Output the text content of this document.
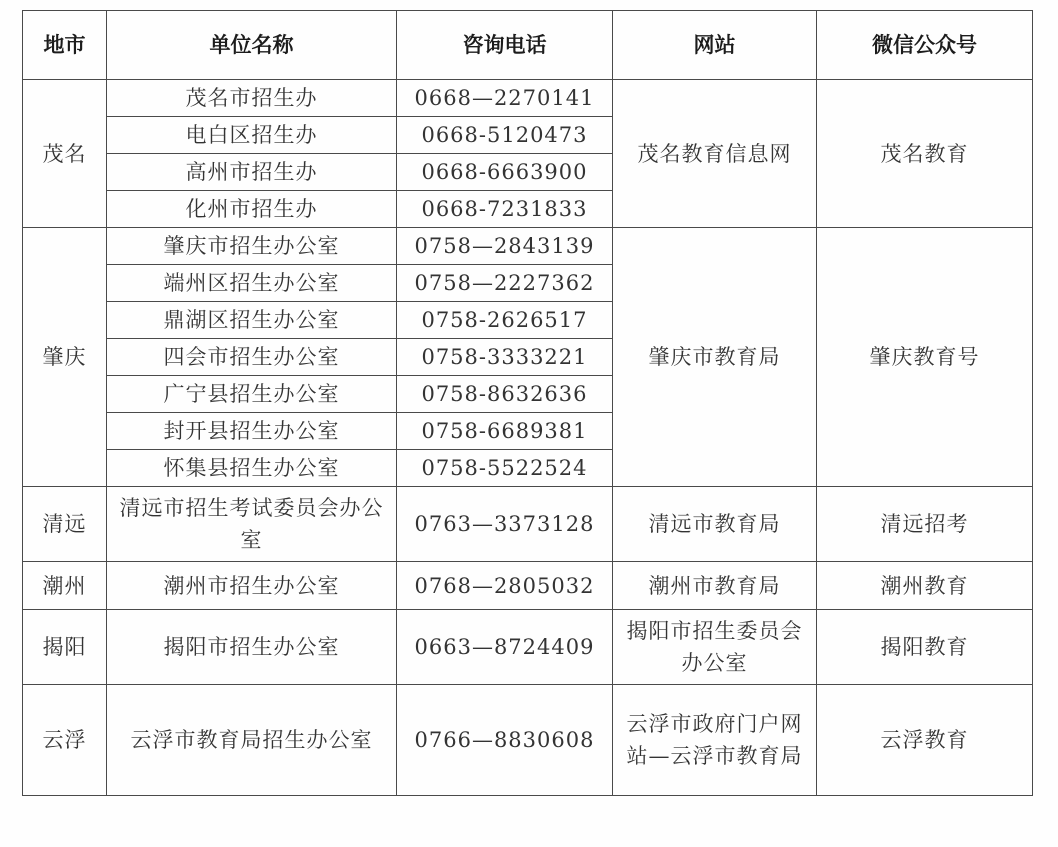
地市	单位名称	咨询电话	网站	微信公众号
茂名	茂名市招生办	0668—2270141	茂名教育信息网	茂名教育
	电白区招生办	0668-5120473		
	高州市招生办	0668-6663900		
	化州市招生办	0668-7231833		
肇庆	肇庆市招生办公室	0758—2843139	肇庆市教育局	肇庆教育号
	端州区招生办公室	0758—2227362		
	鼎湖区招生办公室	0758-2626517		
	四会市招生办公室	0758-3333221		
	广宁县招生办公室	0758-8632636		
	封开县招生办公室	0758-6689381		
	怀集县招生办公室	0758-5522524		
清远	清远市招生考试委员会办公室	0763—3373128	清远市教育局	清远招考
潮州	潮州市招生办公室	0768—2805032	潮州市教育局	潮州教育
揭阳	揭阳市招生办公室	0663—8724409	揭阳市招生委员会办公室	揭阳教育
云浮	云浮市教育局招生办公室	0766—8830608	云浮市政府门户网站—云浮市教育局	云浮教育
